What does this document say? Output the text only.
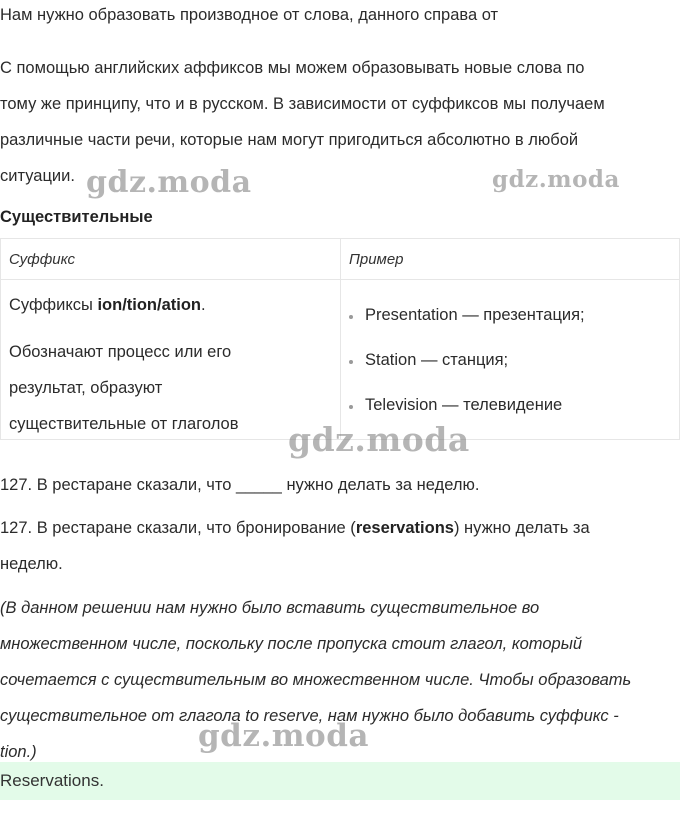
Нам нужно образовать производное от слова, данного справа от

С помощью английских аффиксов мы можем образовывать новые слова по
тому же принципу, что и в русском. В зависимости от суффиксов мы получаем
различные части речи, которые нам могут пригодиться абсолютно в любой
ситуации.
Существительные
Суффикс	Пример
Суффиксы ion/tion/ation.
Обозначают процесс или его
результат, образуют
существительные от глаголов
Presentation — презентация;
Station — станция;
Television — телевидение
127. В рестаране сказали, что _____ нужно делать за неделю.
127. В рестаране сказали, что бронирование (reservations) нужно делать за
неделю.
(В данном решении нам нужно было вставить существительное во
множественном числе, поскольку после пропуска стоит глагол, который
сочетается с существительным во множественном числе. Чтобы образовать
существительное от глагола to reserve, нам нужно было добавить суффикс -
tion.)
Reservations.
gdz.moda	gdz.moda
gdz.moda
gdz.moda
